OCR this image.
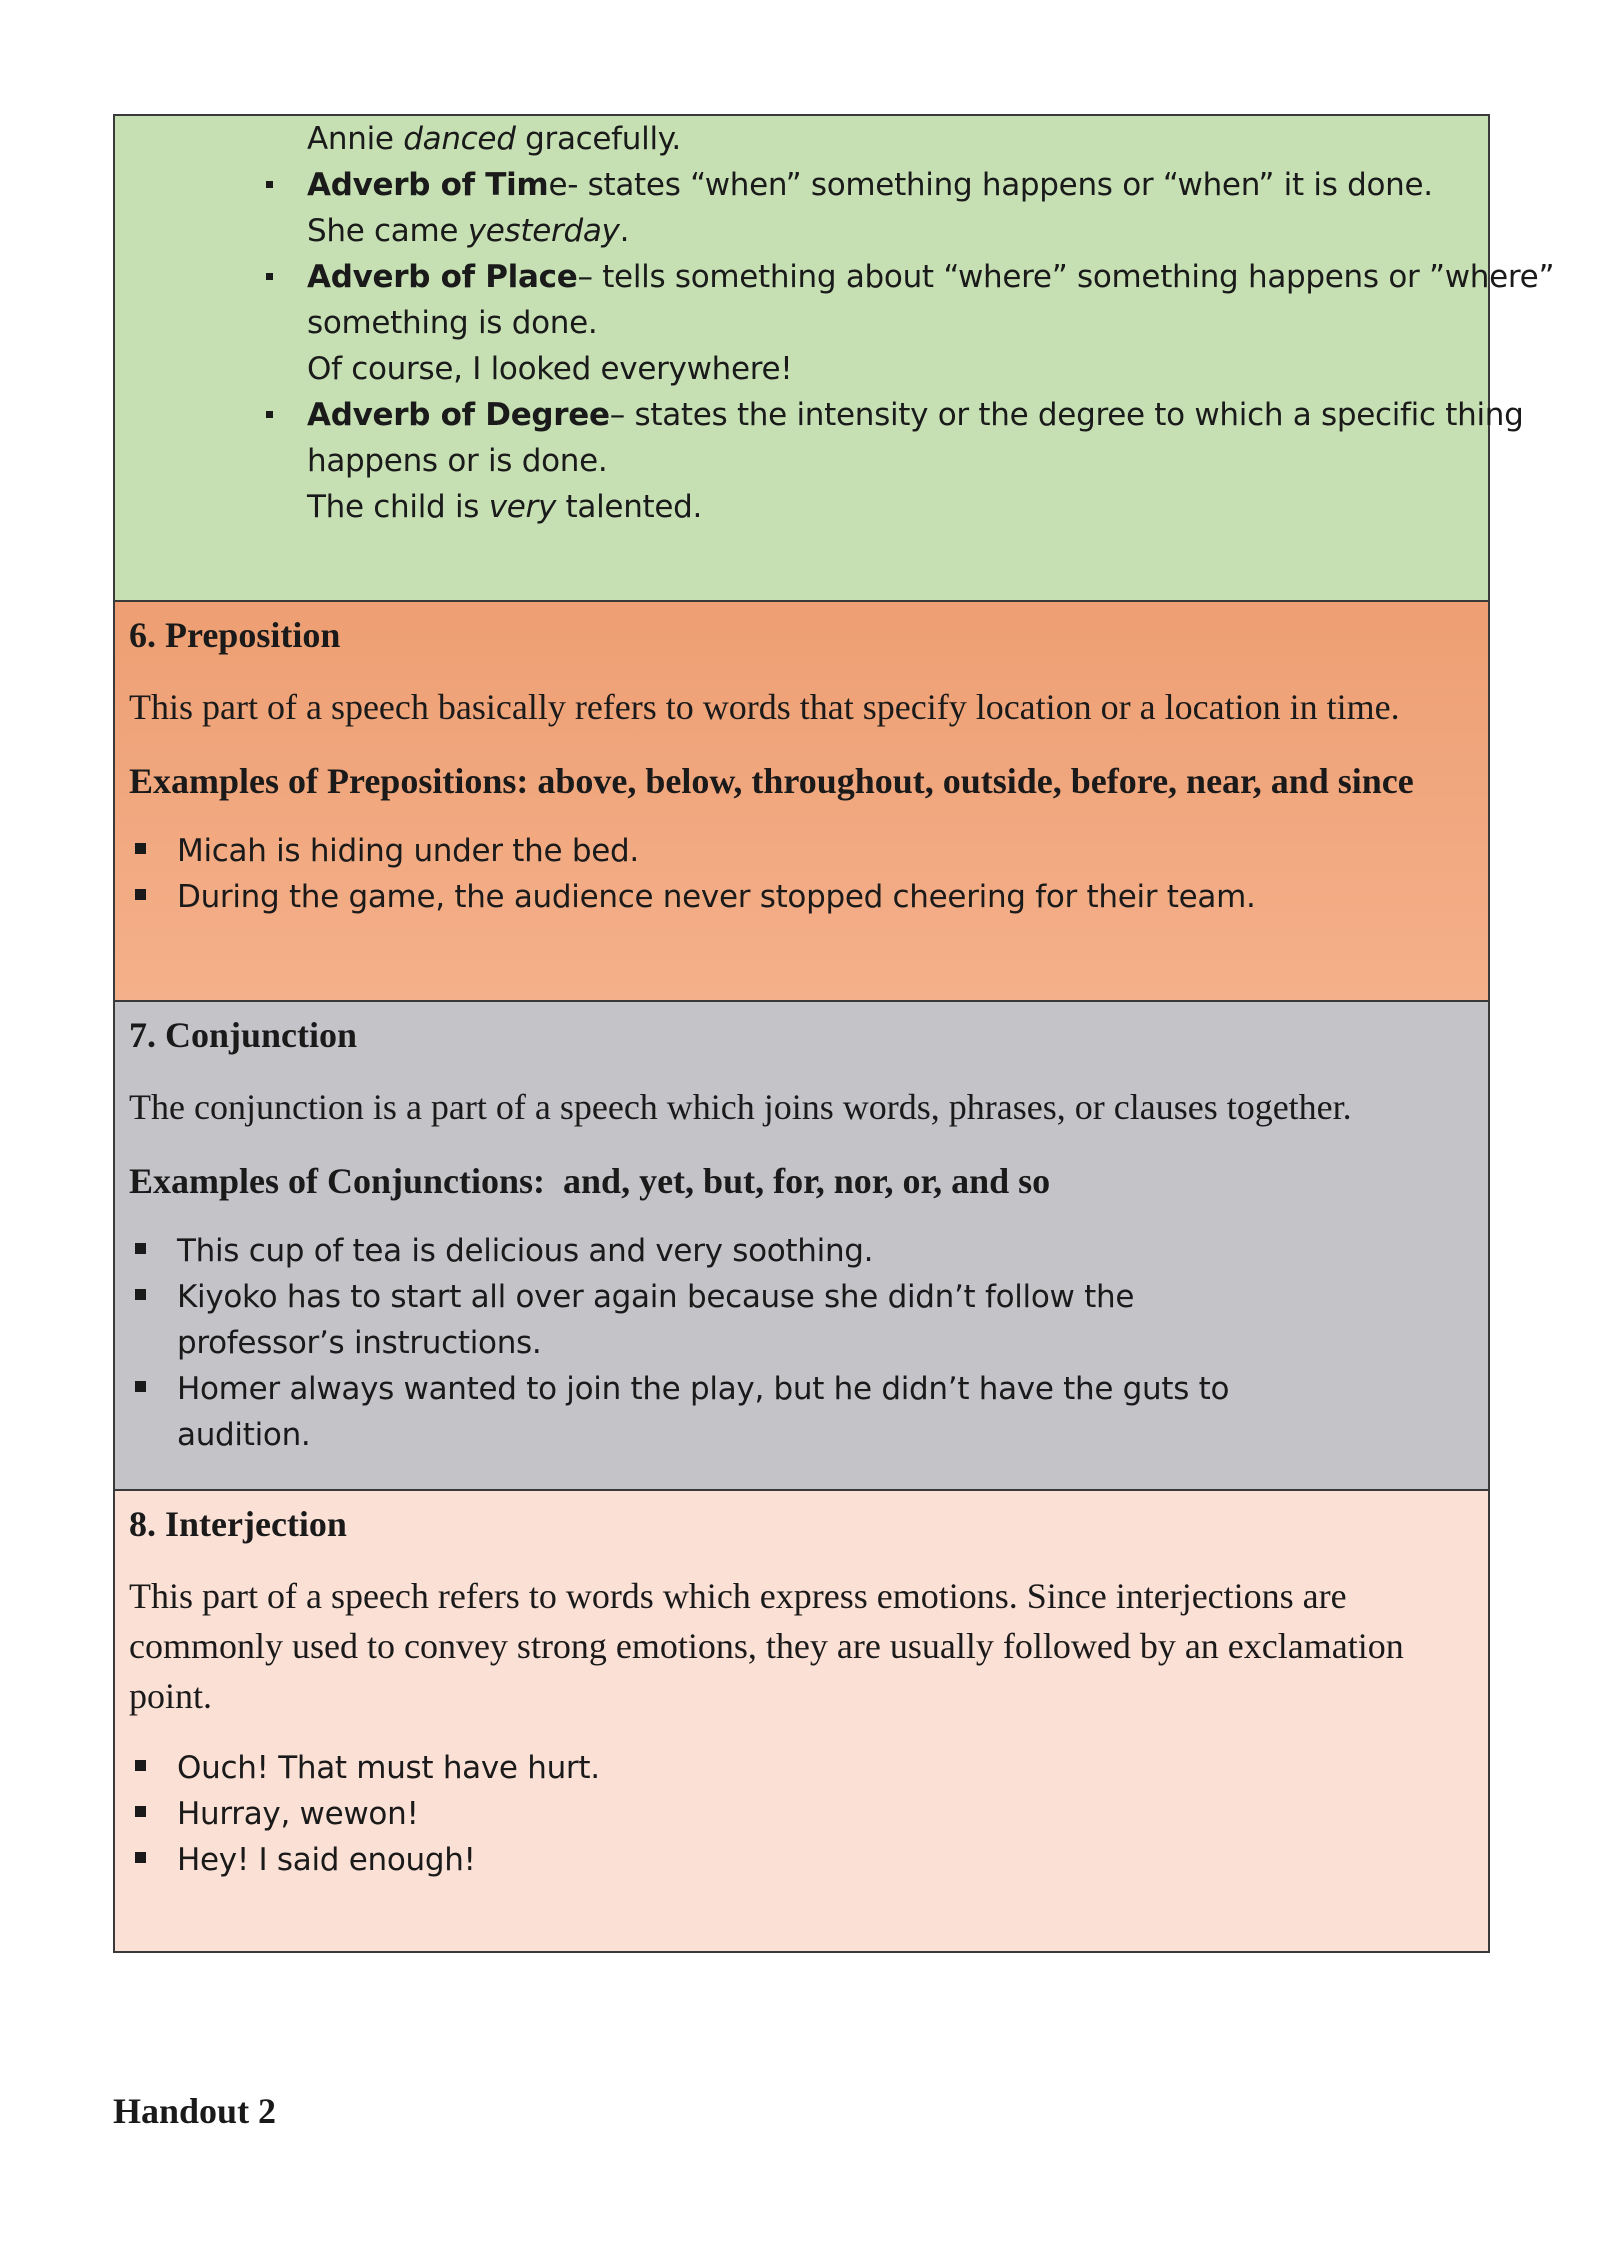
Annie danced gracefully.
Adverb of Time- states “when” something happens or “when” it is done.
She came yesterday.
Adverb of Place– tells something about “where” something happens or ”where”
something is done.
Of course, I looked everywhere!
Adverb of Degree– states the intensity or the degree to which a specific thing
happens or is done.
The child is very talented.
6. Preposition
This part of a speech basically refers to words that specify location or a location in time.
Examples of Prepositions: above, below, throughout, outside, before, near, and since
Micah is hiding under the bed.
During the game, the audience never stopped cheering for their team.
7. Conjunction
The conjunction is a part of a speech which joins words, phrases, or clauses together.
Examples of Conjunctions:  and, yet, but, for, nor, or, and so
This cup of tea is delicious and very soothing.
Kiyoko has to start all over again because she didn’t follow the professor’s instructions.
Homer always wanted to join the play, but he didn’t have the guts to audition.
8. Interjection
This part of a speech refers to words which express emotions. Since interjections are commonly used to convey strong emotions, they are usually followed by an exclamation point.
Ouch! That must have hurt.
Hurray, wewon!
Hey! I said enough!
Handout 2
